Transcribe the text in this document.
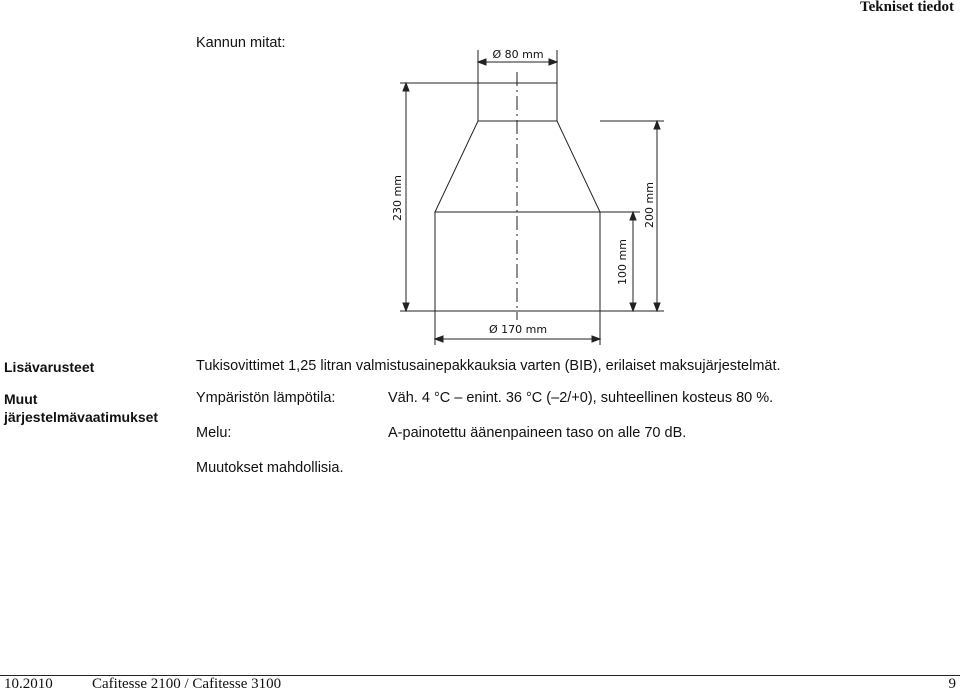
Tekniset tiedot
Kannun mitat:
Ø 80 mm
Ø 170 mm
230 mm	200 mm
100 mm
Lisävarusteet	Tukisovittimet 1,25 litran valmistusainepakkauksia varten (BIB), erilaiset maksujärjestelmät.
Muut
järjestelmävaatimukset
Ympäristön lämpötila:	Väh. 4 °C – enint. 36 °C (–2/+0), suhteellinen kosteus 80 %.
Melu:	A-painotettu äänenpaineen taso on alle 70 dB.
Muutokset mahdollisia.
10.2010	Cafitesse 2100 / Cafitesse 3100	9
